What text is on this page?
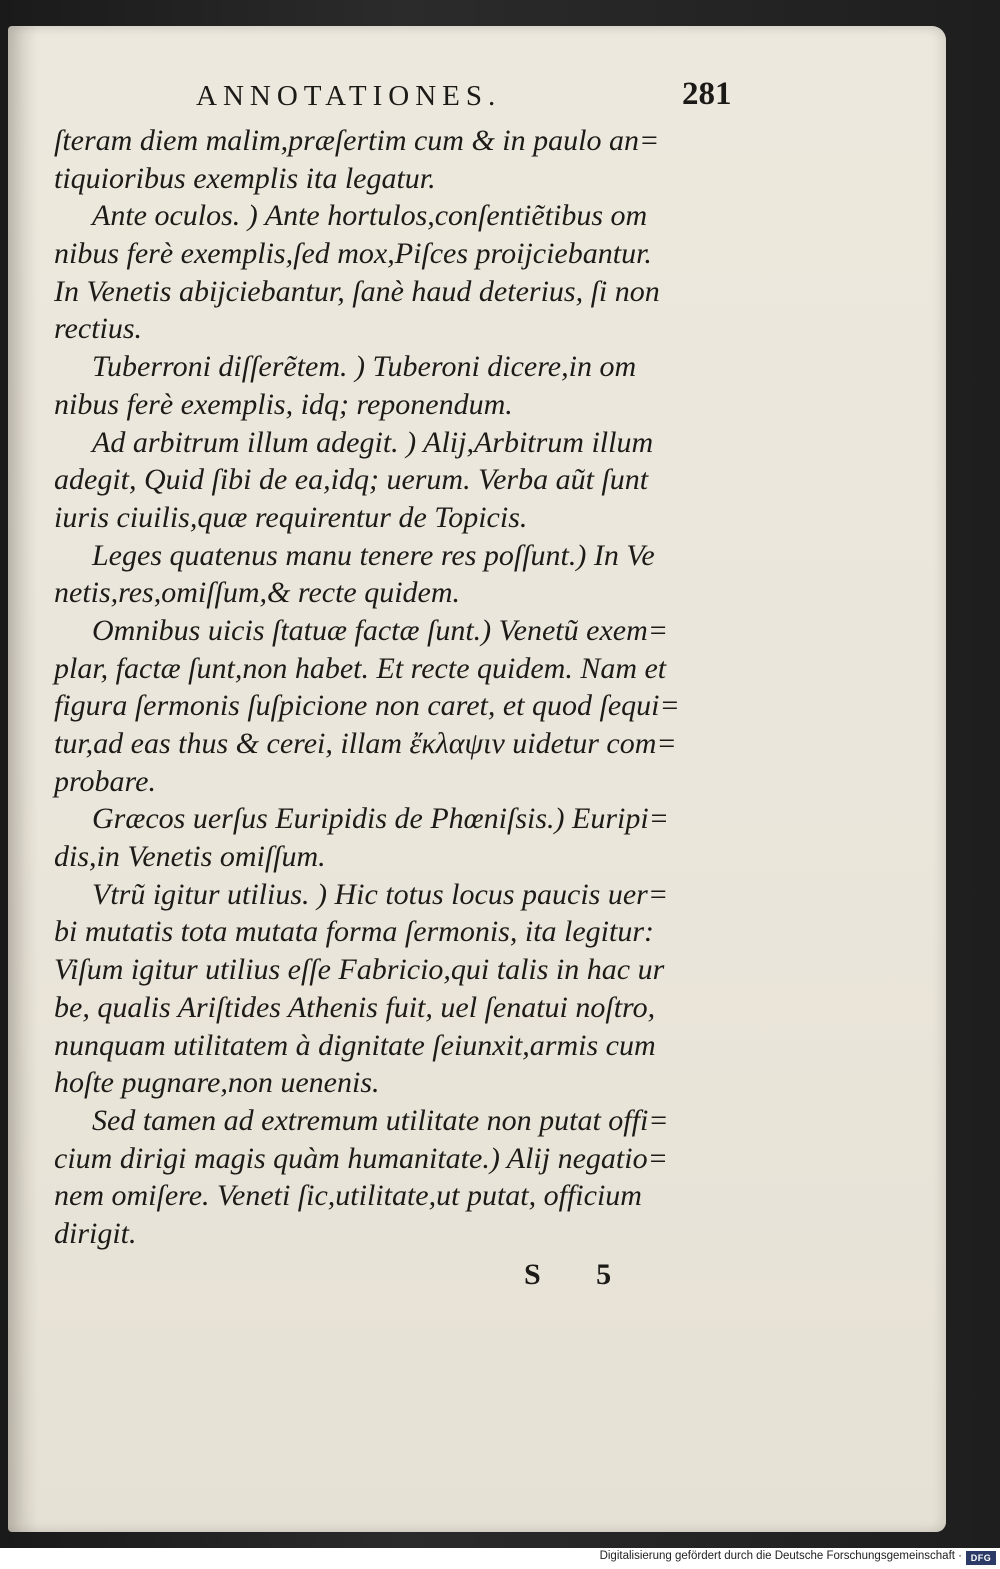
ANNOTATIONES.	281
ſteram diem malim,præſertim cum & in paulo an=
tiquioribus exemplis ita legatur.
Ante oculos. ) Ante hortulos,conſentiẽtibus om
nibus ferè exemplis,ſed mox,Piſces proijciebantur.
In Venetis abijciebantur, ſanè haud deterius, ſi non
rectius.
Tuberroni diſſerẽtem. ) Tuberoni dicere,in om
nibus ferè exemplis, idq; reponendum.
Ad arbitrum illum adegit. ) Alij,Arbitrum illum
adegit, Quid ſibi de ea,idq; uerum. Verba aũt ſunt
iuris ciuilis,quæ requirentur de Topicis.
Leges quatenus manu tenere res poſſunt.) In Ve
netis,res,omiſſum,& recte quidem.
Omnibus uicis ſtatuæ factæ ſunt.) Venetũ exem=
plar, factæ ſunt,non habet. Et recte quidem. Nam et
figura ſermonis ſuſpicione non caret, et quod ſequi=
tur,ad eas thus & cerei, illam ἔκλαψιν uidetur com=
probare.
Græcos uerſus Euripidis de Phœniſsis.) Euripi=
dis,in Venetis omiſſum.
Vtrũ igitur utilius. ) Hic totus locus paucis uer=
bi mutatis tota mutata forma ſermonis, ita legitur:
Viſum igitur utilius eſſe Fabricio,qui talis in hac ur
be, qualis Ariſtides Athenis fuit, uel ſenatui noſtro,
nunquam utilitatem à dignitate ſeiunxit,armis cum
hoſte pugnare,non uenenis.
Sed tamen ad extremum utilitate non putat offi=
cium dirigi magis quàm humanitate.) Alij negatio=
nem omiſere. Veneti ſic,utilitate,ut putat, officium
dirigit.
S 5
Digitalisierung gefördert durch die Deutsche Forschungsgemeinschaft · DFG
